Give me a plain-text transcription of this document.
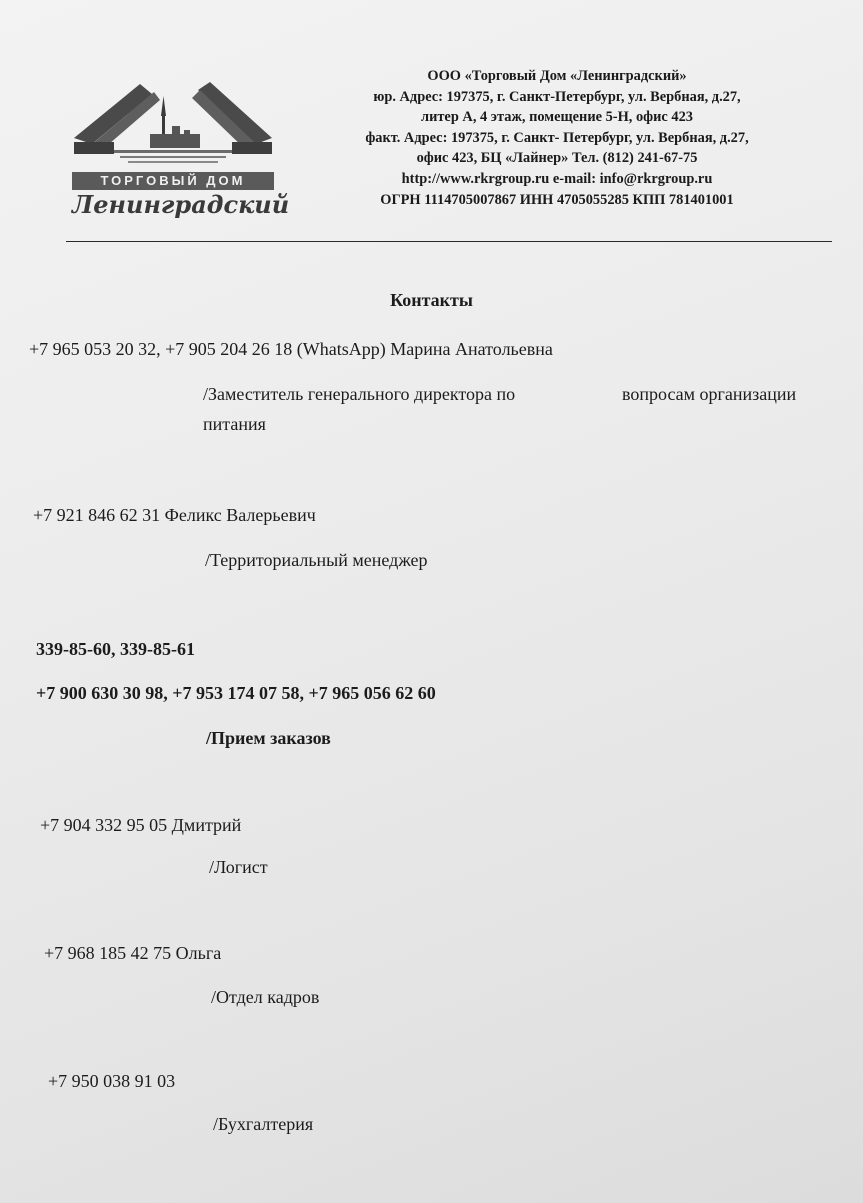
ТОРГОВЫЙ ДОМ
Ленинградский
ООО «Торговый Дом «Ленинградский»
юр. Адрес: 197375, г. Санкт-Петербург, ул. Вербная, д.27,
литер А, 4 этаж, помещение 5-Н, офис 423
факт. Адрес: 197375, г. Санкт- Петербург, ул. Вербная, д.27,
офис 423, БЦ «Лайнер» Тел. (812) 241-67-75
http://www.rkrgroup.ru e-mail: info@rkrgroup.ru
ОГРН 1114705007867 ИНН 4705055285 КПП 781401001
Контакты
+7 965 053 20 32, +7 905 204 26 18 (WhatsApp) Марина Анатольевна
/Заместитель генерального директора по	вопросам организации
питания
+7 921 846 62 31 Феликс Валерьевич
/Территориальный менеджер
339-85-60, 339-85-61
+7 900 630 30 98, +7 953 174 07 58, +7 965 056 62 60
/Прием заказов
+7 904 332 95 05 Дмитрий
/Логист
+7 968 185 42 75 Ольга
/Отдел кадров
+7 950 038 91 03
/Бухгалтерия
